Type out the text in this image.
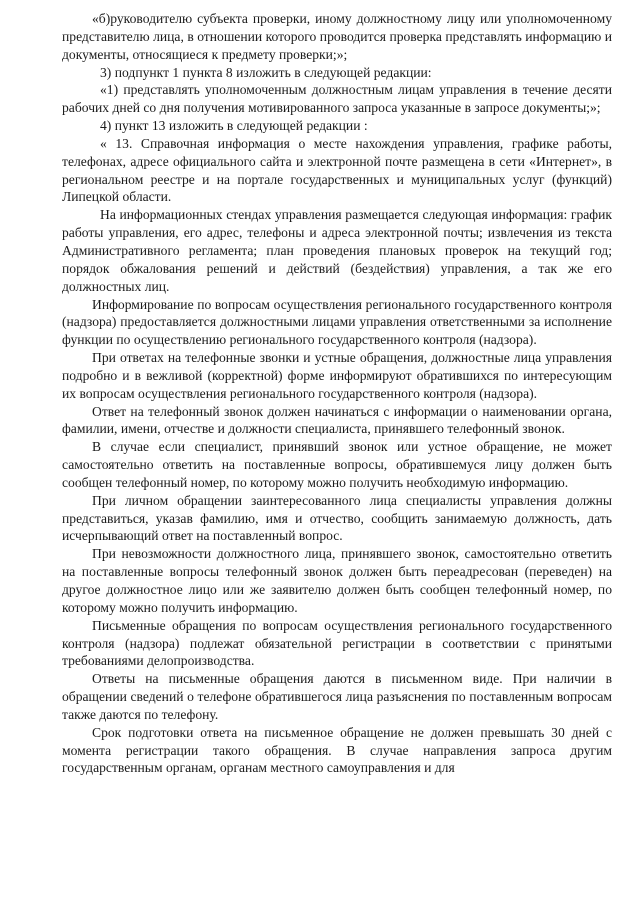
«б)руководителю субъекта проверки, иному должностному лицу или уполномоченному представителю лица, в отношении которого проводится проверка представлять информацию и документы, относящиеся к предмету проверки;»;

3) подпункт 1 пункта 8 изложить в следующей редакции:

«1) представлять уполномоченным должностным лицам управления в течение десяти рабочих дней со дня получения мотивированного запроса указанные в запросе документы;»;

4) пункт 13 изложить в следующей редакции :

« 13. Справочная информация о месте нахождения управления, графике работы, телефонах, адресе официального сайта и электронной почте размещена в сети «Интернет», в региональном реестре и на портале государственных и муниципальных услуг (функций) Липецкой области.

На информационных стендах управления размещается следующая информация: график работы управления, его адрес, телефоны и адреса электронной почты; извлечения из текста Административного регламента; план проведения плановых проверок на текущий год; порядок обжалования решений и действий (бездействия) управления, а так же его должностных лиц.

Информирование по вопросам осуществления регионального государственного контроля (надзора) предоставляется должностными лицами управления ответственными за исполнение функции по осуществлению регионального государственного контроля (надзора).

При ответах на телефонные звонки и устные обращения, должностные лица управления подробно и в вежливой (корректной) форме информируют обратившихся по интересующим их вопросам осуществления регионального государственного контроля (надзора).

Ответ на телефонный звонок должен начинаться с информации о наименовании органа, фамилии, имени, отчестве и должности специалиста, принявшего телефонный звонок.

В случае если специалист, принявший звонок или устное обращение, не может самостоятельно ответить на поставленные вопросы, обратившемуся лицу должен быть сообщен телефонный номер, по которому можно получить необходимую информацию.

При личном обращении заинтересованного лица специалисты управления должны представиться, указав фамилию, имя и отчество, сообщить занимаемую должность, дать исчерпывающий ответ на поставленный вопрос.

При невозможности должностного лица, принявшего звонок, самостоятельно ответить на поставленные вопросы телефонный звонок должен быть переадресован (переведен) на другое должностное лицо или же заявителю должен быть сообщен телефонный номер, по которому можно получить информацию.

Письменные обращения по вопросам осуществления регионального государственного контроля (надзора) подлежат обязательной регистрации в соответствии с принятыми требованиями делопроизводства.

Ответы на письменные обращения даются в письменном виде. При наличии в обращении сведений о телефоне обратившегося лица разъяснения по поставленным вопросам также даются по телефону.

Срок подготовки ответа на письменное обращение не должен превышать 30 дней с момента регистрации такого обращения. В случае направления запроса другим государственным органам, органам местного самоуправления и для
